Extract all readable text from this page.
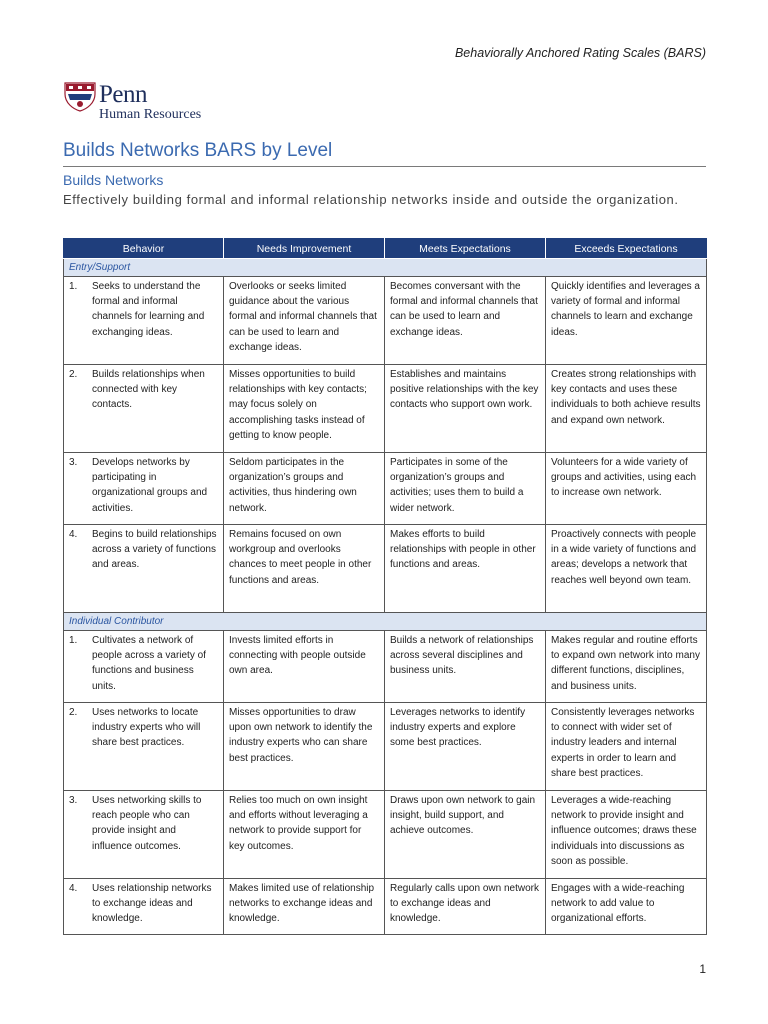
Behaviorally Anchored Rating Scales (BARS)
Penn
Human Resources
Builds Networks BARS by Level
Builds Networks
Effectively building formal and informal relationship networks inside and outside the organization.
Behavior	Needs Improvement	Meets Expectations	Exceeds Expectations
Entry/Support			

1. Seeks to understand the formal and informal channels for learning and exchanging ideas.	Overlooks or seeks limited guidance about the various formal and informal channels that can be used to learn and exchange ideas.	Becomes conversant with the formal and informal channels that can be used to learn and exchange ideas.	Quickly identifies and leverages a variety of formal and informal channels to learn and exchange ideas.

2. Builds relationships when connected with key contacts.	Misses opportunities to build relationships with key contacts; may focus solely on accomplishing tasks instead of getting to know people.	Establishes and maintains positive relationships with the key contacts who support own work.	Creates strong relationships with key contacts and uses these individuals to both achieve results and expand own network.

3. Develops networks by participating in organizational groups and activities.	Seldom participates in the organization’s groups and activities, thus hindering own network.	Participates in some of the organization’s groups and activities; uses them to build a wider network.	Volunteers for a wide variety of groups and activities, using each to increase own network.

4. Begins to build relationships across a variety of functions and areas.	Remains focused on own workgroup and overlooks chances to meet people in other functions and areas.	Makes efforts to build relationships with people in other functions and areas.	Proactively connects with people in a wide variety of functions and areas; develops a network that reaches well beyond own team.
Individual Contributor			

1. Cultivates a network of people across a variety of functions and business units.	Invests limited efforts in connecting with people outside own area.	Builds a network of relationships across several disciplines and business units.	Makes regular and routine efforts to expand own network into many different functions, disciplines, and business units.

2. Uses networks to locate industry experts who will share best practices.	Misses opportunities to draw upon own network to identify the industry experts who can share best practices.	Leverages networks to identify industry experts and explore some best practices.	Consistently leverages networks to connect with wider set of industry leaders and internal experts in order to learn and share best practices.

3. Uses networking skills to reach people who can provide insight and influence outcomes.	Relies too much on own insight and efforts without leveraging a network to provide support for key outcomes.	Draws upon own network to gain insight, build support, and achieve outcomes.	Leverages a wide-reaching network to provide insight and influence outcomes; draws these individuals into discussions as soon as possible.

4. Uses relationship networks to exchange ideas and knowledge.	Makes limited use of relationship networks to exchange ideas and knowledge.	Regularly calls upon own network to exchange ideas and knowledge.	Engages with a wide-reaching network to add value to organizational efforts.
1
